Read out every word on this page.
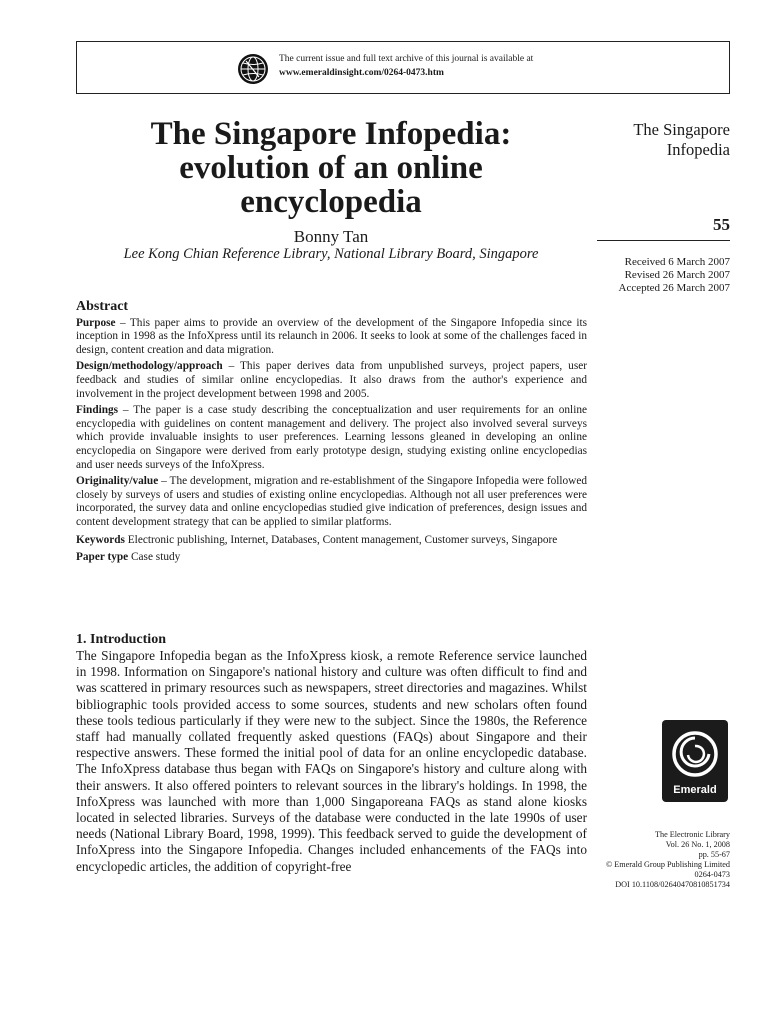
The current issue and full text archive of this journal is available at
www.emeraldinsight.com/0264-0473.htm
The Singapore Infopedia:
evolution of an online
encyclopedia
Bonny Tan
Lee Kong Chian Reference Library, National Library Board, Singapore
The Singapore
Infopedia
55
Received 6 March 2007
Revised 26 March 2007
Accepted 26 March 2007
Abstract

Purpose – This paper aims to provide an overview of the development of the Singapore Infopedia since its inception in 1998 as the InfoXpress until its relaunch in 2006. It seeks to look at some of the challenges faced in design, content creation and data migration.

Design/methodology/approach – This paper derives data from unpublished surveys, project papers, user feedback and studies of similar online encyclopedias. It also draws from the author's experience and involvement in the project development between 1998 and 2005.

Findings – The paper is a case study describing the conceptualization and user requirements for an online encyclopedia with guidelines on content management and delivery. The project also involved several surveys which provide invaluable insights to user preferences. Learning lessons gleaned in developing an online encyclopedia on Singapore were derived from early prototype design, studying existing online encyclopedias and user needs surveys of the InfoXpress.

Originality/value – The development, migration and re-establishment of the Singapore Infopedia were followed closely by surveys of users and studies of existing online encyclopedias. Although not all user preferences were incorporated, the survey data and online encyclopedias studied give indication of preferences, design issues and content development strategy that can be applied to similar platforms.

Keywords Electronic publishing, Internet, Databases, Content management, Customer surveys, Singapore

Paper type Case study

1. Introduction

The Singapore Infopedia began as the InfoXpress kiosk, a remote Reference service launched in 1998. Information on Singapore's national history and culture was often difficult to find and was scattered in primary resources such as newspapers, street directories and magazines. Whilst bibliographic tools provided access to some sources, students and new scholars often found these tools tedious particularly if they were new to the subject. Since the 1980s, the Reference staff had manually collated frequently asked questions (FAQs) about Singapore and their respective answers. These formed the initial pool of data for an online encyclopedic database. The InfoXpress database thus began with FAQs on Singapore's history and culture along with their answers. It also offered pointers to relevant sources in the library's holdings. In 1998, the InfoXpress was launched with more than 1,000 Singaporeana FAQs as stand alone kiosks located in selected libraries. Surveys of the database were conducted in the late 1990s of user needs (National Library Board, 1998, 1999). This feedback served to guide the development of InfoXpress into the Singapore Infopedia. Changes included enhancements of the FAQs into encyclopedic articles, the addition of copyright-free

Emerald
The Electronic Library
Vol. 26 No. 1, 2008
pp. 55-67
© Emerald Group Publishing Limited
0264-0473
DOI 10.1108/02640470810851734
